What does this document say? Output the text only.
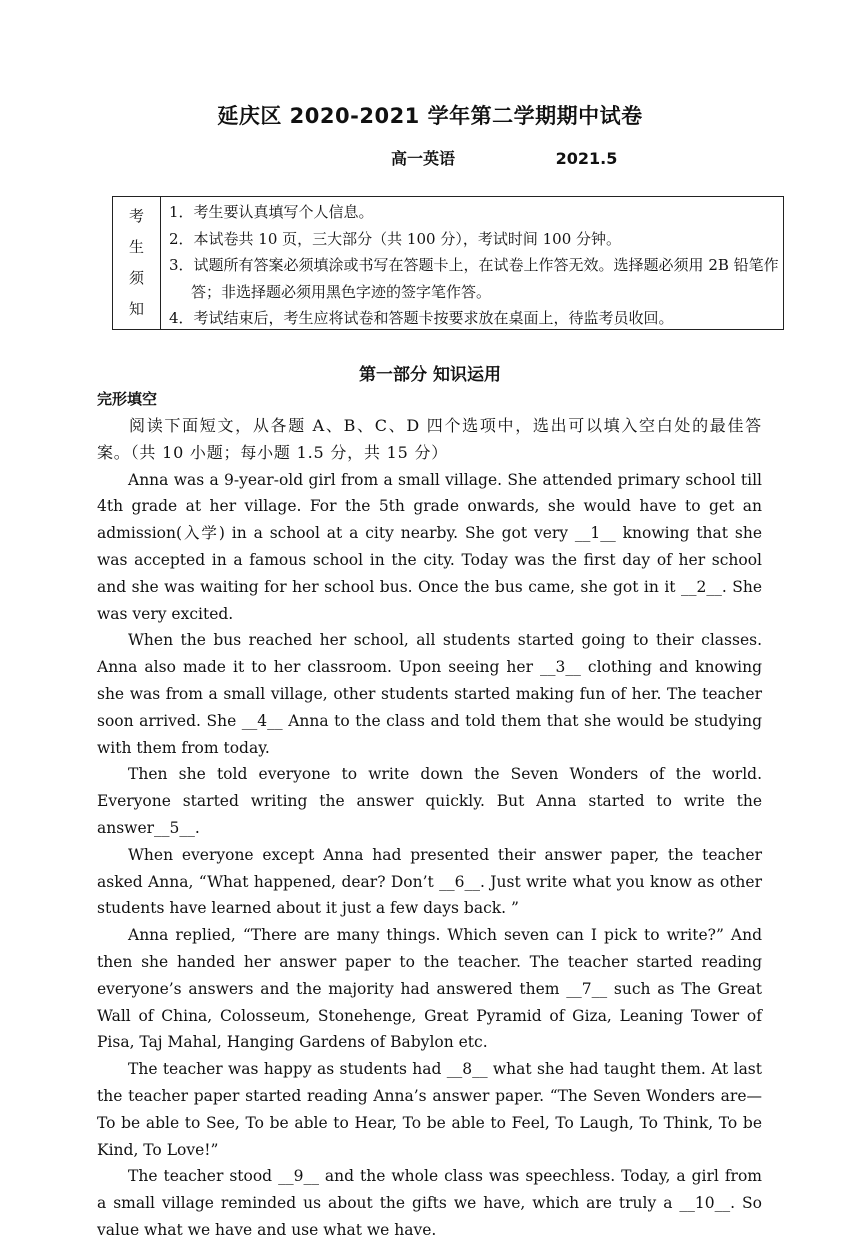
延庆区 2020-2021 学年第二学期期中试卷
高一英语	2021.5
考
生
须
知
1．考生要认真填写个人信息。
2．本试卷共 10 页，三大部分（共 100 分），考试时间 100 分钟。
3．试题所有答案必须填涂或书写在答题卡上，在试卷上作答无效。选择题必须用 2B 铅笔作答；非选择题必须用黑色字迹的签字笔作答。
4．考试结束后，考生应将试卷和答题卡按要求放在桌面上，待监考员收回。
第一部分 知识运用
完形填空

阅读下面短文，从各题 A、B、C、D 四个选项中，选出可以填入空白处的最佳答案。（共 10 小题；每小题 1.5 分，共 15 分）

Anna was a 9-year-old girl from a small village. She attended primary school till 4th grade at her village. For the 5th grade onwards, she would have to get an admission(入学) in a school at a city nearby. She got very __1__ knowing that she was accepted in a famous school in the city. Today was the first day of her school and she was waiting for her school bus. Once the bus came, she got in it __2__. She was very excited.

When the bus reached her school, all students started going to their classes. Anna also made it to her classroom. Upon seeing her __3__ clothing and knowing she was from a small village, other students started making fun of her. The teacher soon arrived. She __4__ Anna to the class and told them that she would be studying with them from today.

Then she told everyone to write down the Seven Wonders of the world. Everyone started writing the answer quickly. But Anna started to write the answer__5__.

When everyone except Anna had presented their answer paper, the teacher asked Anna, “What happened, dear? Don’t __6__. Just write what you know as other students have learned about it just a few days back. ”

Anna replied, “There are many things. Which seven can I pick to write?” And then she handed her answer paper to the teacher. The teacher started reading everyone’s answers and the majority had answered them __7__ such as The Great Wall of China, Colosseum, Stonehenge, Great Pyramid of Giza, Leaning Tower of Pisa, Taj Mahal, Hanging Gardens of Babylon etc.

The teacher was happy as students had __8__ what she had taught them. At last the teacher paper started reading Anna’s answer paper. “The Seven Wonders are—To be able to See, To be able to Hear, To be able to Feel, To Laugh, To Think, To be Kind, To Love!”

The teacher stood __9__ and the whole class was speechless. Today, a girl from a small village reminded us about the gifts we have, which are truly a __10__. So value what we have and use what we have.
